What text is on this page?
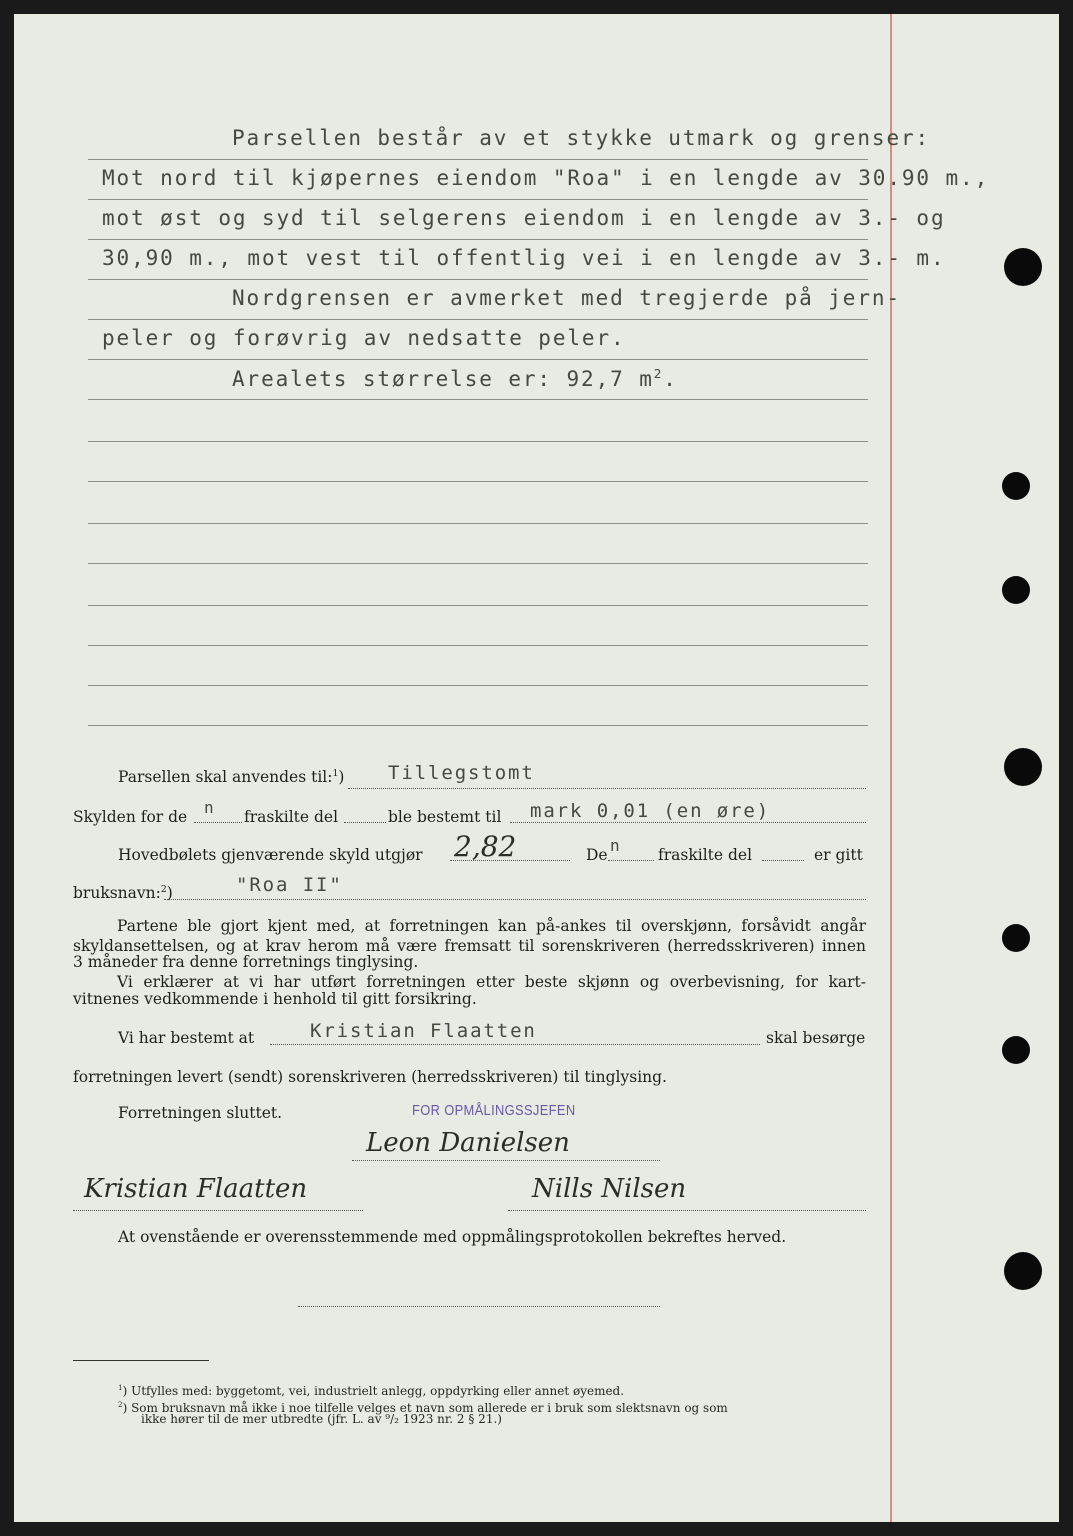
Parsellen består av et stykke utmark og grenser:
Mot nord til kjøpernes eiendom "Roa" i en lengde av 30.90 m.,
mot øst og syd til selgerens eiendom i en lengde av 3.- og
30,90 m., mot vest til offentlig vei i en lengde av 3.- m.
Nordgrensen er avmerket med tregjerde på jern-
peler og forøvrig av nedsatte peler.
Arealets størrelse er: 92,7 $m^2$.
Parsellen skal anvendes til:$^1$) Tillegstomt
Skylden for de n fraskilte del	ble bestemt til mark 0,01 (en øre)
Hovedbølets gjenværende skyld utgjør 2,82	De n fraskilte del	er gitt
bruksnavn:$^2$)	"Roa II"
Partene ble gjort kjent med, at forretningen kan på-ankes til overskjønn, forsåvidt angår skyldansettelsen, og at krav herom må være fremsatt til sorenskriveren (herredsskriveren) innen
3 måneder fra denne forretnings tinglysing.
Vi erklærer at vi har utført forretningen etter beste skjønn og overbevisning, for kart-
vitnenes vedkommende i henhold til gitt forsikring.
Vi har bestemt at	Kristian Flaatten	skal besørge
forretningen levert (sendt) sorenskriveren (herredsskriveren) til tinglysing.
Forretningen sluttet.	FOR OPMÅLINGSSJEFEN
Leon Danielsen
Kristian Flaatten	Nills Nilsen
At ovenstående er overensstemmende med oppmålingsprotokollen bekreftes herved.
$^1$) Utfylles med: byggetomt, vei, industrielt anlegg, oppdyrking eller annet øyemed.
$^2$) Som bruksnavn må ikke i noe tilfelle velges et navn som allerede er i bruk som slektsnavn og som
ikke hører til de mer utbredte (jfr. L. av ⁹/₂ 1923 nr. 2 § 21.)
